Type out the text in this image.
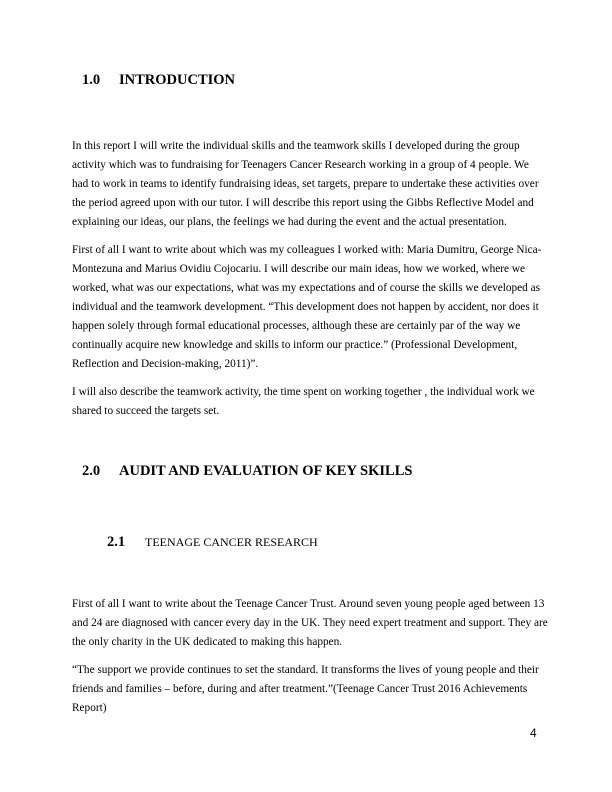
1.0 INTRODUCTION

In this report I will write the individual skills and the teamwork skills I developed during the group
activity which was to fundraising for Teenagers Cancer Research working in a group of 4 people. We
had to work in teams to identify fundraising ideas, set targets, prepare to undertake these activities over
the period agreed upon with our tutor. I will describe this report using the Gibbs Reflective Model and
explaining our ideas, our plans, the feelings we had during the event and the actual presentation.

First of all I want to write about which was my colleagues I worked with: Maria Dumitru, George Nica-
Montezuna and Marius Ovidiu Cojocariu. I will describe our main ideas, how we worked, where we
worked, what was our expectations, what was my expectations and of course the skills we developed as
individual and the teamwork development. “This development does not happen by accident, nor does it
happen solely through formal educational processes, although these are certainly par of the way we
continually acquire new knowledge and skills to inform our practice.” (Professional Development,
Reflection and Decision-making, 2011)”.

I will also describe the teamwork activity, the time spent on working together , the individual work we
shared to succeed the targets set.

2.0 AUDIT AND EVALUATION OF KEY SKILLS
2.1 TEENAGE CANCER RESEARCH

First of all I want to write about the Teenage Cancer Trust. Around seven young people aged between 13
and 24 are diagnosed with cancer every day in the UK. They need expert treatment and support. They are
the only charity in the UK dedicated to making this happen.

“The support we provide continues to set the standard. It transforms the lives of young people and their
friends and families – before, during and after treatment.”(Teenage Cancer Trust 2016 Achievements
Report)

4
